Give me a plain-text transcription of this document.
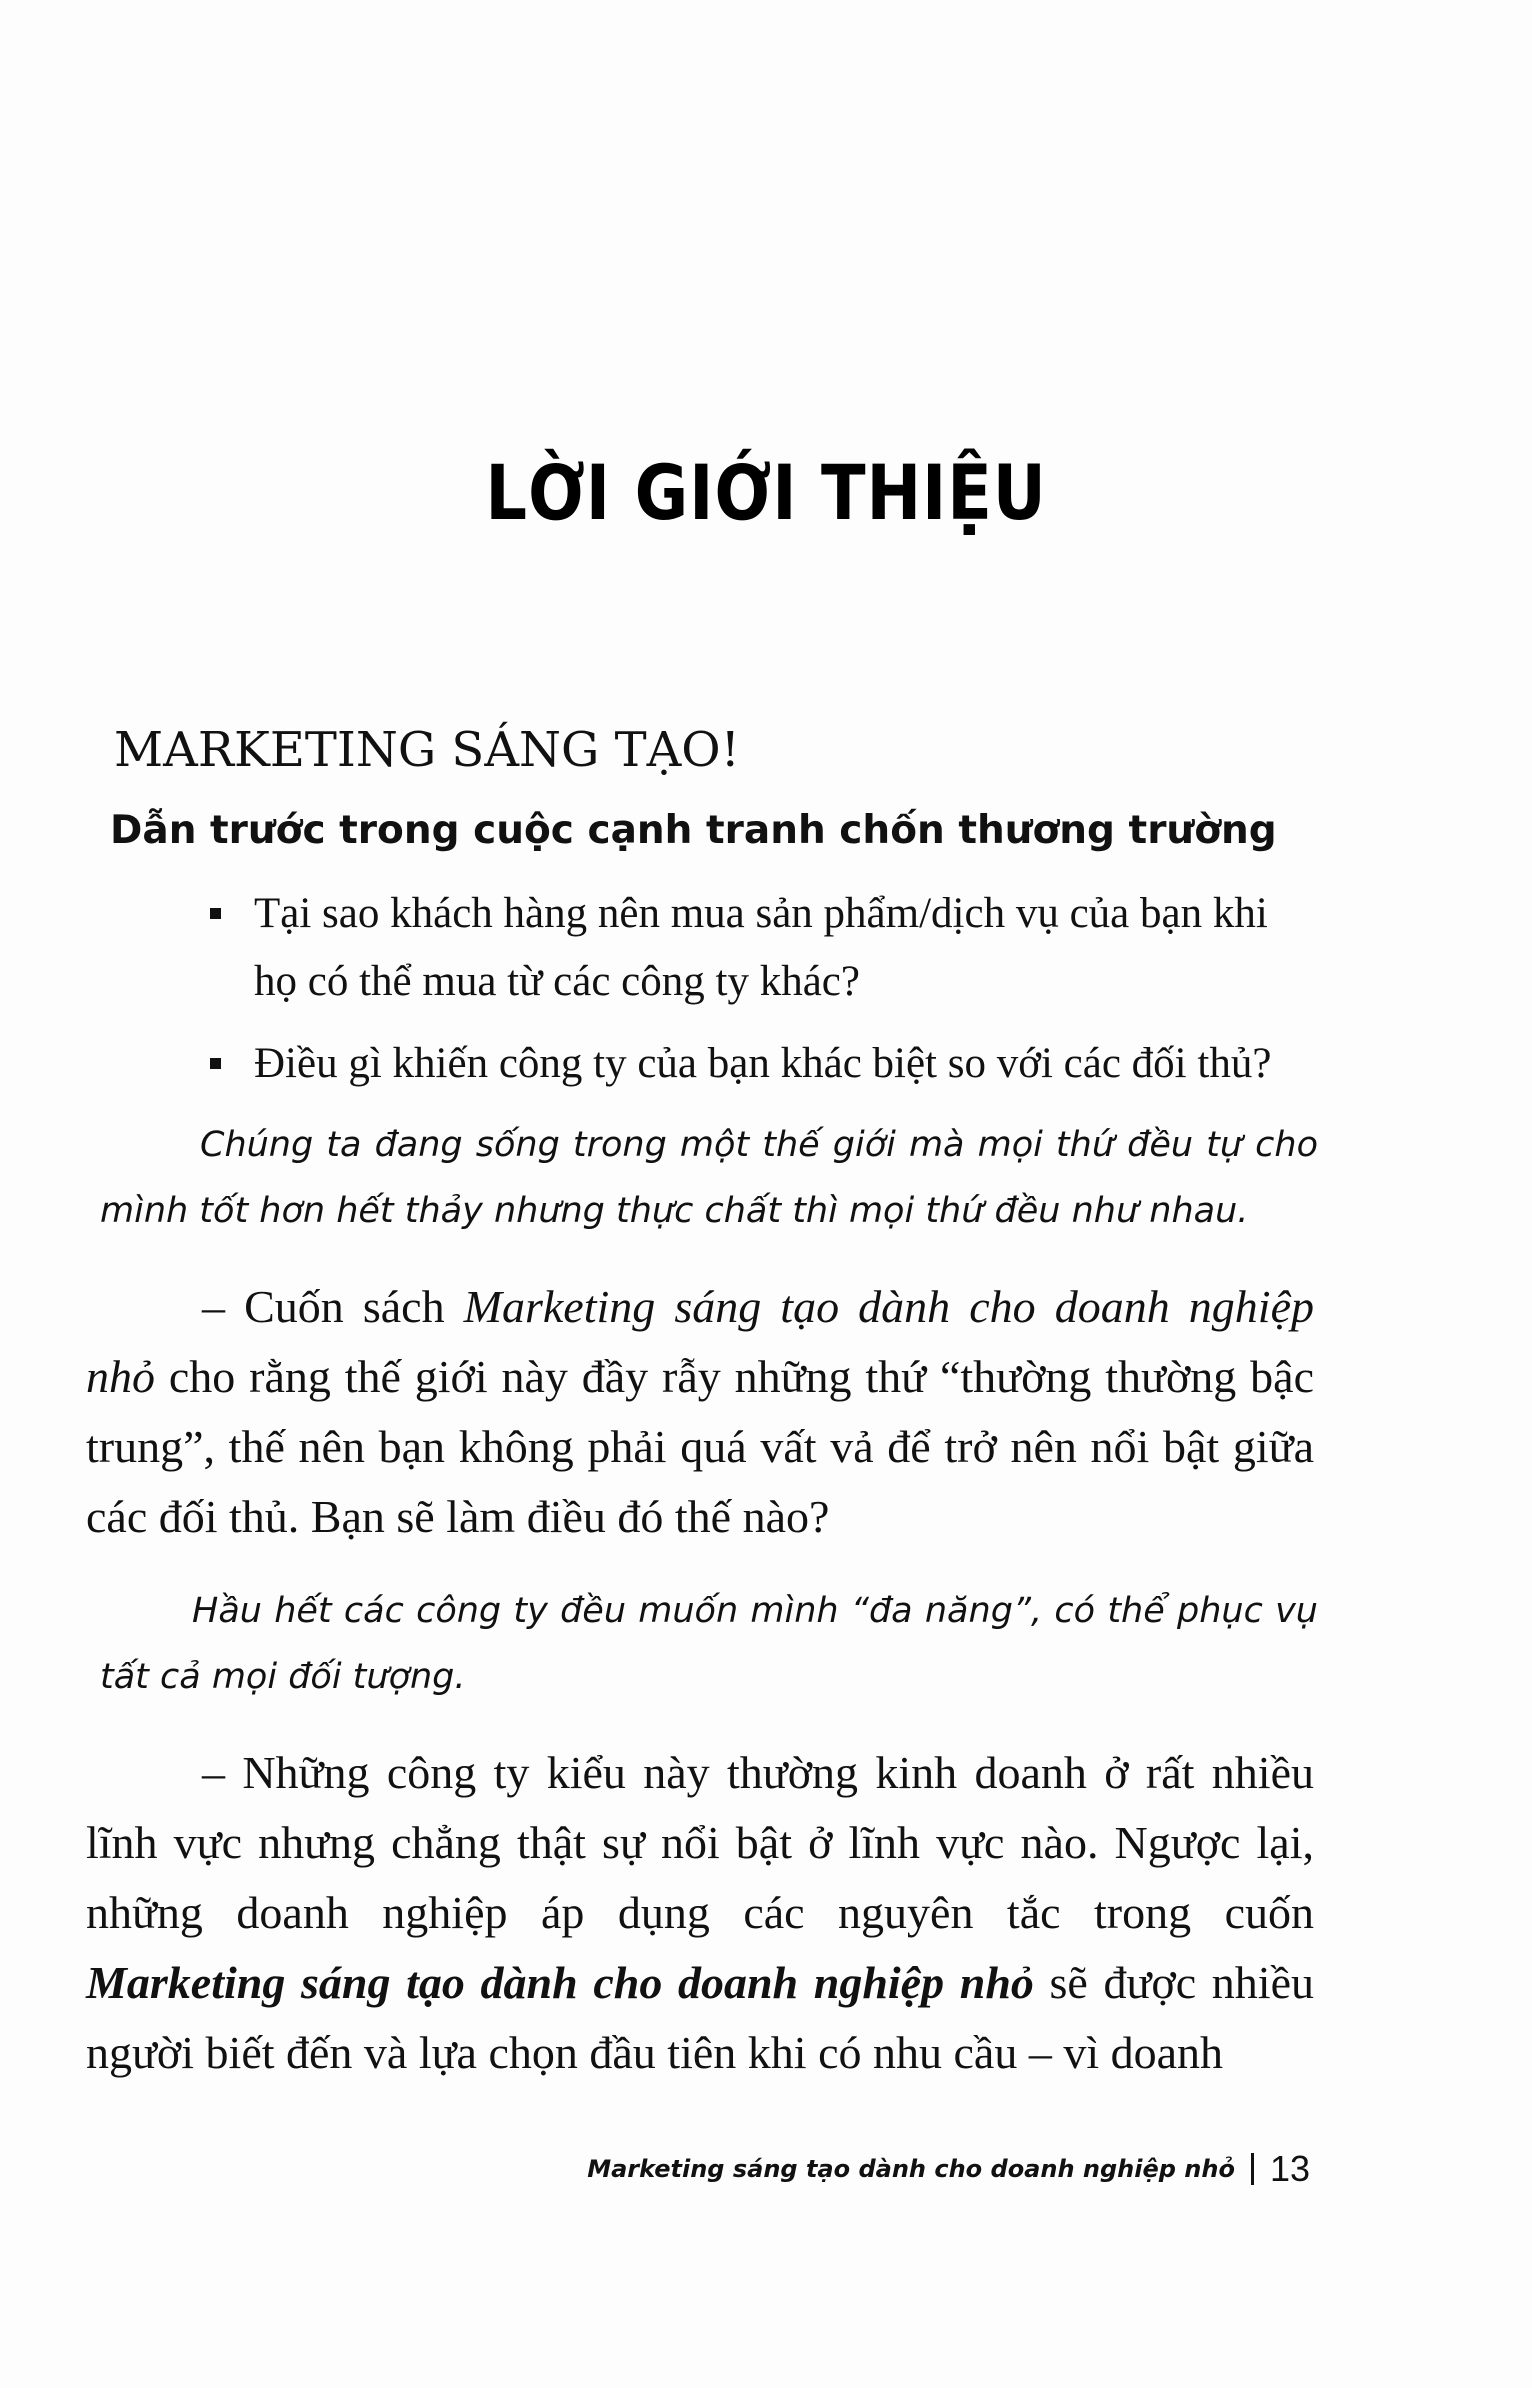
LỜI GIỚI THIỆU
MARKETING SÁNG TẠO!
Dẫn trước trong cuộc cạnh tranh chốn thương trường
Tại sao khách hàng nên mua sản phẩm/dịch vụ của bạn khi họ có thể mua từ các công ty khác?
Điều gì khiến công ty của bạn khác biệt so với các đối thủ?
Chúng ta đang sống trong một thế giới mà mọi thứ đều tự cho mình tốt hơn hết thảy nhưng thực chất thì mọi thứ đều như nhau.
– Cuốn sách Marketing sáng tạo dành cho doanh nghiệp nhỏ cho rằng thế giới này đầy rẫy những thứ “thường thường bậc trung”, thế nên bạn không phải quá vất vả để trở nên nổi bật giữa các đối thủ. Bạn sẽ làm điều đó thế nào?
Hầu hết các công ty đều muốn mình “đa năng”, có thể phục vụ tất cả mọi đối tượng.
– Những công ty kiểu này thường kinh doanh ở rất nhiều lĩnh vực nhưng chẳng thật sự nổi bật ở lĩnh vực nào. Ngược lại, những doanh nghiệp áp dụng các nguyên tắc trong cuốn Marketing sáng tạo dành cho doanh nghiệp nhỏ sẽ được nhiều người biết đến và lựa chọn đầu tiên khi có nhu cầu – vì doanh
Marketing sáng tạo dành cho doanh nghiệp nhỏ 13
